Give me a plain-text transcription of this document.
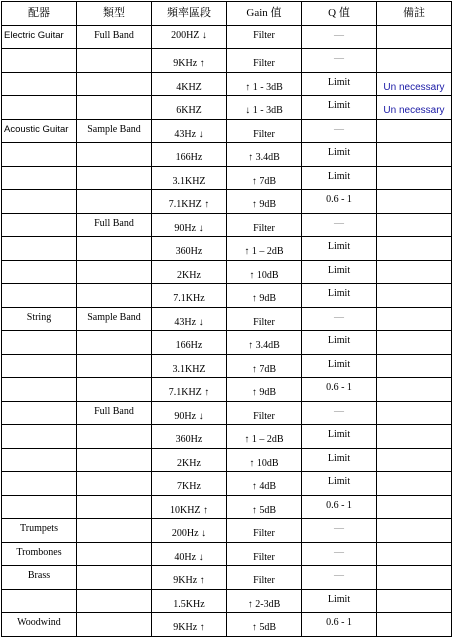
配器	類型	頻率區段	Gain 值	Q 值	備註

Electric Guitar	Full Band	200HZ ↓	Filter	—	

		9KHz ↑	Filter	—	

		4KHZ	↑ 1 - 3dB	Limit	Un necessary

		6KHZ	↓ 1 - 3dB	Limit	Un necessary

Acoustic Guitar	Sample Band	43Hz ↓	Filter	—	

		166Hz	↑ 3.4dB	Limit	

		3.1KHZ	↑ 7dB	Limit	

		7.1KHZ ↑	↑ 9dB	0.6 - 1	

	Full Band	90Hz ↓	Filter	—	

		360Hz	↑ 1 – 2dB	Limit	

		2KHz	↑ 10dB	Limit	

		7.1KHz	↑ 9dB	Limit	

String	Sample Band	43Hz ↓	Filter	—	

		166Hz	↑ 3.4dB	Limit	

		3.1KHZ	↑ 7dB	Limit	

		7.1KHZ ↑	↑ 9dB	0.6 - 1	

	Full Band	90Hz ↓	Filter	—	

		360Hz	↑ 1 – 2dB	Limit	

		2KHz	↑ 10dB	Limit	

		7KHz	↑ 4dB	Limit	

		10KHZ ↑	↑ 5dB	0.6 - 1	

Trumpets		200Hz ↓	Filter	—	

Trombones		40Hz ↓	Filter	—	

Brass		9KHz ↑	Filter	—	

		1.5KHz	↑ 2-3dB	Limit	

Woodwind		9KHz ↑	↑ 5dB	0.6 - 1	
